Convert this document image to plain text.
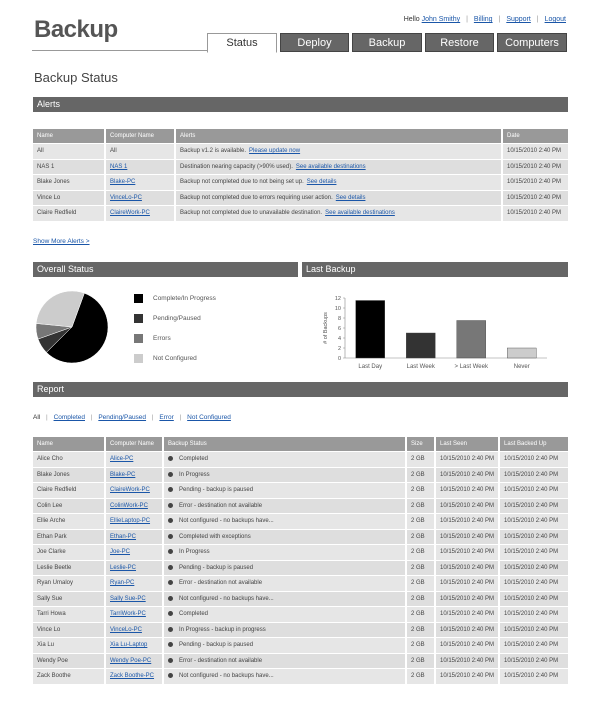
Backup	Hello John Smithy | Billing | Support | Logout
Status	Deploy	Backup	Restore	Computers
Backup Status
Alerts
Name	Computer Name	Alerts	Date
All	All	Backup v1.2 is available. Please update now	10/15/2010 2:40 PM
NAS 1	NAS 1	Destination nearing capacity (>90% used). See available destinations	10/15/2010 2:40 PM
Blake Jones	Blake-PC	Backup not completed due to not being set up. See details	10/15/2010 2:40 PM
Vince Lo	VinceLo-PC	Backup not completed due to errors requiring user action. See details	10/15/2010 2:40 PM
Claire Redfield	ClaireWork-PC	Backup not completed due to unavailable destination. See available destinations	10/15/2010 2:40 PM
Show More Alerts >
Overall Status	Last Backup
Complete/In Progress
Pending/Paused
Errors
Not Configured
# of Backups
0
2
4
6
8
10
12
Last Day	Last Week	> Last Week	Never
Report
All | Completed | Pending/Paused | Error | Not Configured
Name	Computer Name	Backup Status	Size	Last Seen	Last Backed Up
Alice Cho	Alice-PC	Completed	2 GB	10/15/2010 2:40 PM	10/15/2010 2:40 PM
Blake Jones	Blake-PC	In Progress	2 GB	10/15/2010 2:40 PM	10/15/2010 2:40 PM
Claire Redfield	ClaireWork-PC	Pending - backup is paused	2 GB	10/15/2010 2:40 PM	10/15/2010 2:40 PM
Colin Lee	ColinWork-PC	Error - destination not available	2 GB	10/15/2010 2:40 PM	10/15/2010 2:40 PM
Ellie Arche	EllieLaptop-PC	Not configured - no backups have...	2 GB	10/15/2010 2:40 PM	10/15/2010 2:40 PM
Ethan Park	Ethan-PC	Completed with exceptions	2 GB	10/15/2010 2:40 PM	10/15/2010 2:40 PM
Joe Clarke	Joe-PC	In Progress	2 GB	10/15/2010 2:40 PM	10/15/2010 2:40 PM
Leslie Beetle	Leslie-PC	Pending - backup is paused	2 GB	10/15/2010 2:40 PM	10/15/2010 2:40 PM
Ryan Umaloy	Ryan-PC	Error - destination not available	2 GB	10/15/2010 2:40 PM	10/15/2010 2:40 PM
Sally Sue	Sally Sue-PC	Not configured - no backups have...	2 GB	10/15/2010 2:40 PM	10/15/2010 2:40 PM
Tarri Howa	TarriWork-PC	Completed	2 GB	10/15/2010 2:40 PM	10/15/2010 2:40 PM
Vince Lo	VinceLo-PC	In Progress - backup in progress	2 GB	10/15/2010 2:40 PM	10/15/2010 2:40 PM
Xia Lu	Xia Lu-Laptop	Pending - backup is paused	2 GB	10/15/2010 2:40 PM	10/15/2010 2:40 PM
Wendy Poe	Wendy Poe-PC	Error - destination not available	2 GB	10/15/2010 2:40 PM	10/15/2010 2:40 PM
Zack Boothe	Zack Boothe-PC	Not configured - no backups have...	2 GB	10/15/2010 2:40 PM	10/15/2010 2:40 PM
